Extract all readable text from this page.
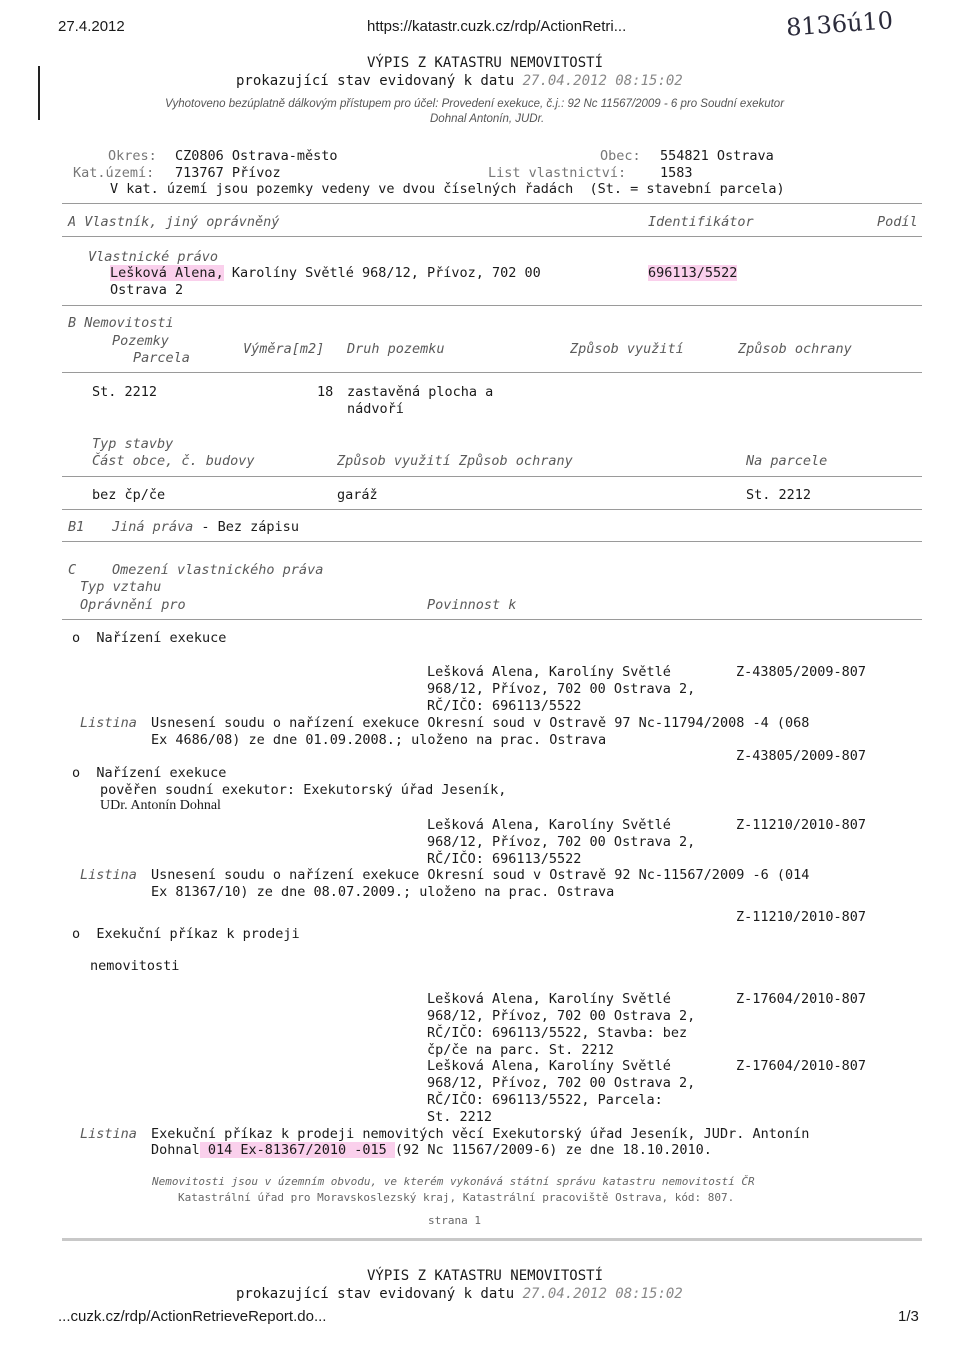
27.4.2012	https://katastr.cuzk.cz/rdp/ActionRetri...	8136ú10
VÝPIS Z KATASTRU NEMOVITOSTÍ
prokazující stav evidovaný k datu 27.04.2012 08:15:02
Vyhotoveno bezúplatně dálkovým přístupem pro účel: Provedení exekuce, č.j.: 92 Nc 11567/2009 - 6 pro Soudní exekutor
Dohnal Antonín, JUDr.
Okres: CZ0806 Ostrava-město	Obec: 554821 Ostrava
Kat.území: 713767 Přívoz	List vlastnictví:	1583
V kat. území jsou pozemky vedeny ve dvou číselných řadách  (St. = stavební parcela)
A Vlastník, jiný oprávněný	Identifikátor	Podíl
Vlastnické právo
Lešková Alena, Karolíny Světlé 968/12, Přívoz, 702 00
Ostrava 2
696113/5522
B Nemovitosti
Pozemky
Parcela
Výměra[m2] Druh pozemku	Způsob využití	Způsob ochrany
St. 2212	18 zastavěná plocha a
nádvoří
Typ stavby
Část obce, č. budovy	Způsob využití Způsob ochrany	Na parcele
bez čp/če	garáž	St. 2212
B1 Jiná práva - Bez zápisu
C	Omezení vlastnického práva
Typ vztahu
Oprávnění pro	Povinnost k
o  Nařízení exekuce
Lešková Alena, Karolíny Světlé	Z-43805/2009-807
968/12, Přívoz, 702 00 Ostrava 2,
RČ/IČO: 696113/5522
Listina Usnesení soudu o nařízení exekuce Okresní soud v Ostravě 97 Nc-11794/2008 -4 (068
Ex 4686/08) ze dne 01.09.2008.; uloženo na prac. Ostrava
Z-43805/2009-807
o  Nařízení exekuce
pověřen soudní exekutor: Exekutorský úřad Jeseník,
UDr. Antonín Dohnal
Lešková Alena, Karolíny Světlé	Z-11210/2010-807
968/12, Přívoz, 702 00 Ostrava 2,
RČ/IČO: 696113/5522
Listina Usnesení soudu o nařízení exekuce Okresní soud v Ostravě 92 Nc-11567/2009 -6 (014
Ex 81367/10) ze dne 08.07.2009.; uloženo na prac. Ostrava
Z-11210/2010-807
o  Exekuční příkaz k prodeji
nemovitosti
Lešková Alena, Karolíny Světlé	Z-17604/2010-807
968/12, Přívoz, 702 00 Ostrava 2,
RČ/IČO: 696113/5522, Stavba: bez
čp/če na parc. St. 2212
Lešková Alena, Karolíny Světlé	Z-17604/2010-807
968/12, Přívoz, 702 00 Ostrava 2,
RČ/IČO: 696113/5522, Parcela:
St. 2212
Listina Exekuční příkaz k prodeji nemovitých věcí Exekutorský úřad Jeseník, JUDr. Antonín
Dohnal 014 Ex-81367/2010 -015 (92 Nc 11567/2009-6) ze dne 18.10.2010.
Nemovitosti jsou v územním obvodu, ve kterém vykonává státní správu katastru nemovitostí ČR
Katastrální úřad pro Moravskoslezský kraj, Katastrální pracoviště Ostrava, kód: 807.
strana 1
VÝPIS Z KATASTRU NEMOVITOSTÍ
prokazující stav evidovaný k datu 27.04.2012 08:15:02
...cuzk.cz/rdp/ActionRetrieveReport.do...	1/3
